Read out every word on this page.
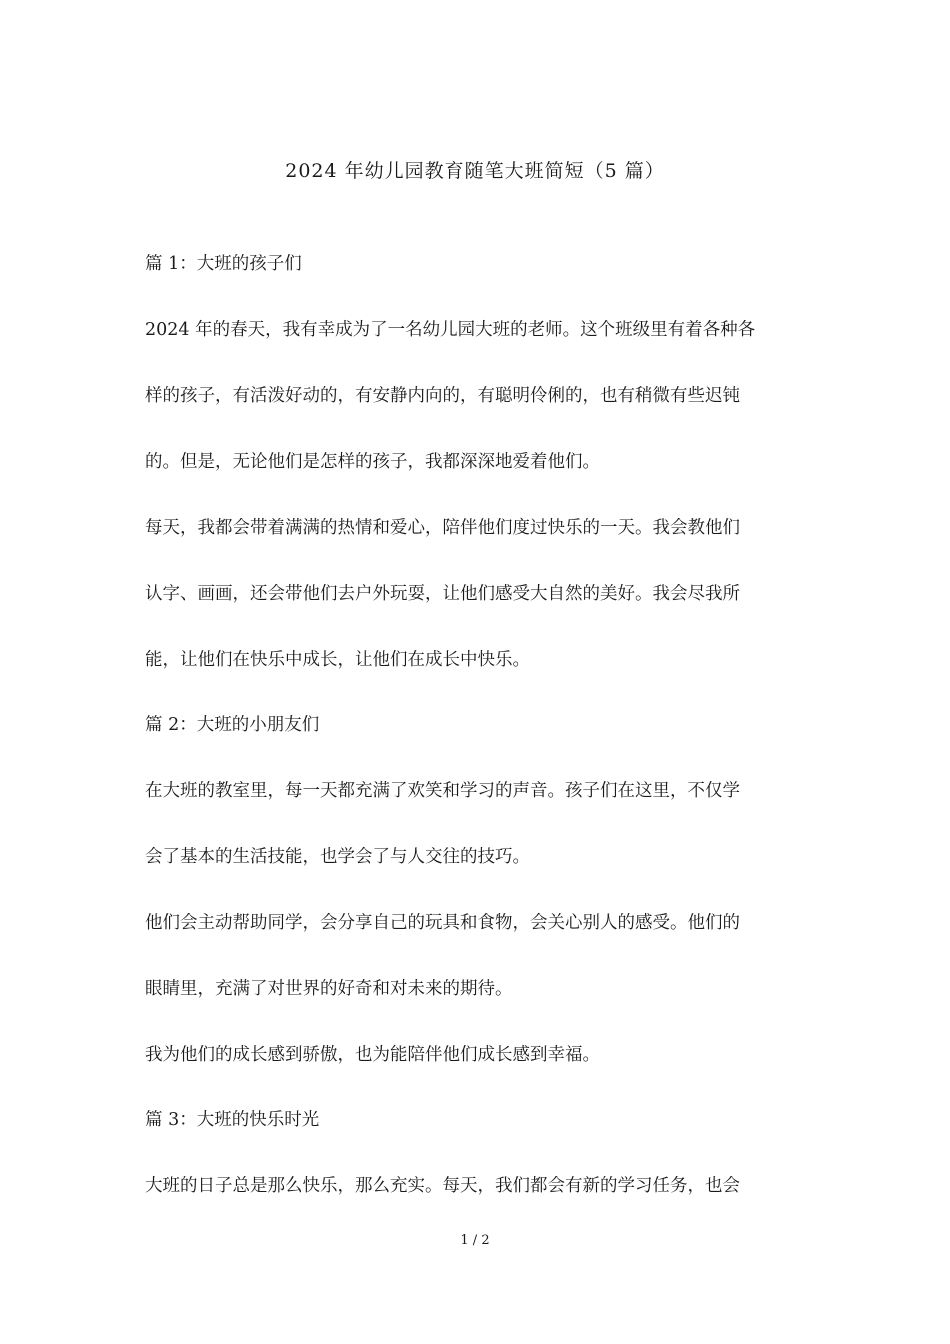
2024 年幼儿园教育随笔大班简短（5 篇）
篇 1：大班的孩子们
2024 年的春天，我有幸成为了一名幼儿园大班的老师。这个班级里有着各种各
样的孩子，有活泼好动的，有安静内向的，有聪明伶俐的，也有稍微有些迟钝
的。但是，无论他们是怎样的孩子，我都深深地爱着他们。
每天，我都会带着满满的热情和爱心，陪伴他们度过快乐的一天。我会教他们
认字、画画，还会带他们去户外玩耍，让他们感受大自然的美好。我会尽我所
能，让他们在快乐中成长，让他们在成长中快乐。
篇 2：大班的小朋友们
在大班的教室里，每一天都充满了欢笑和学习的声音。孩子们在这里，不仅学
会了基本的生活技能，也学会了与人交往的技巧。
他们会主动帮助同学，会分享自己的玩具和食物，会关心别人的感受。他们的
眼睛里，充满了对世界的好奇和对未来的期待。
我为他们的成长感到骄傲，也为能陪伴他们成长感到幸福。
篇 3：大班的快乐时光
大班的日子总是那么快乐，那么充实。每天，我们都会有新的学习任务，也会
1 / 2
